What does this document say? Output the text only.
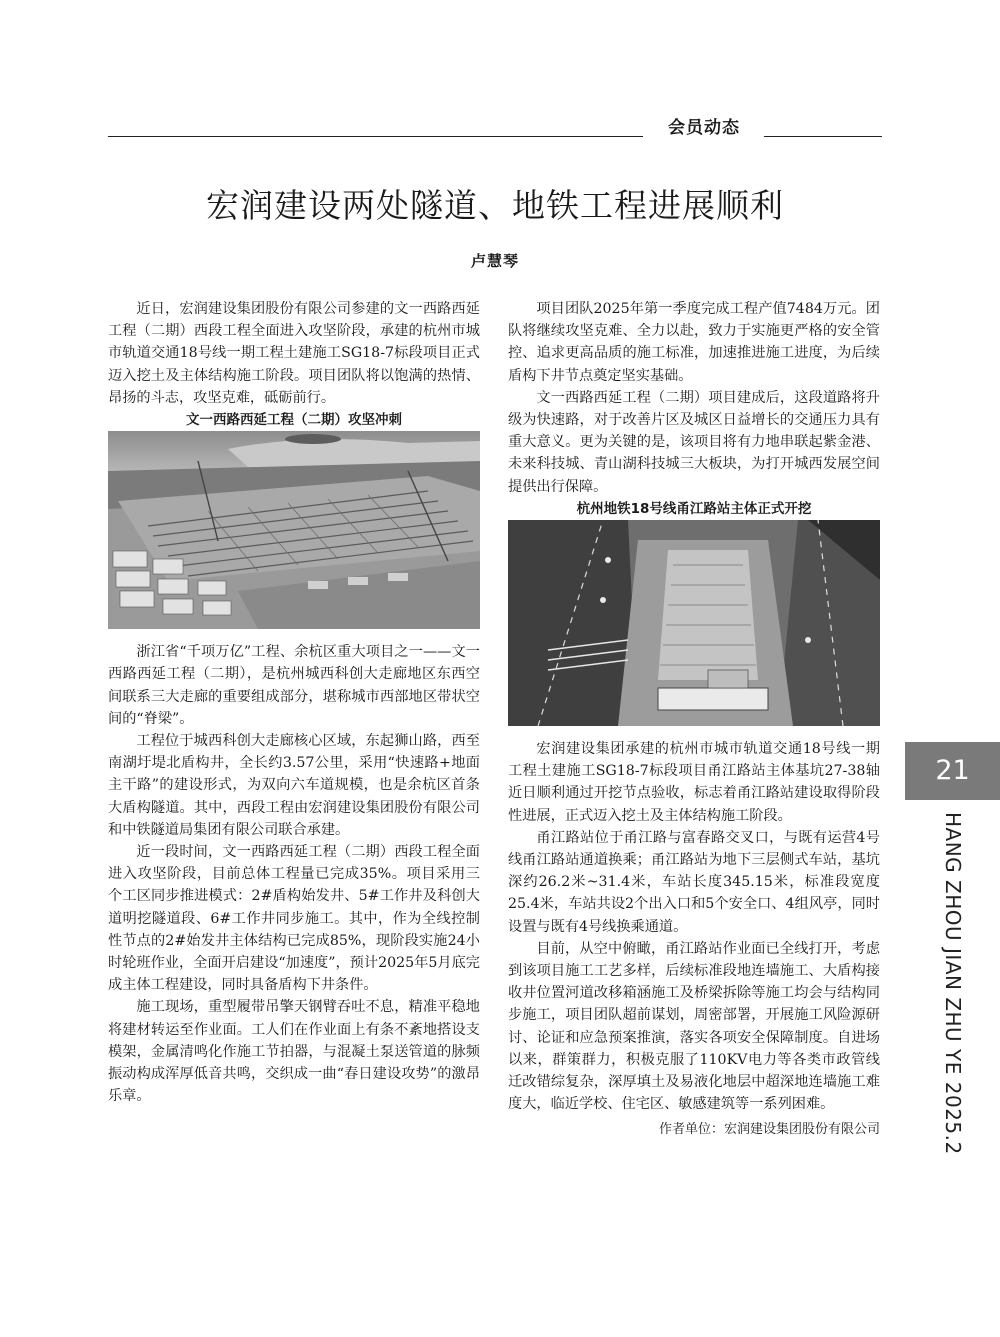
会员动态
宏润建设两处隧道、地铁工程进展顺利
卢慧琴

近日，宏润建设集团股份有限公司参建的文一西路西延工程（二期）西段工程全面进入攻坚阶段，承建的杭州市城市轨道交通18号线一期工程土建施工SG18-7标段项目正式迈入挖土及主体结构施工阶段。项目团队将以饱满的热情、昂扬的斗志，攻坚克难，砥砺前行。

文一西路西延工程（二期）攻坚冲刺

浙江省“千项万亿”工程、余杭区重大项目之一——文一西路西延工程（二期），是杭州城西科创大走廊地区东西空间联系三大走廊的重要组成部分，堪称城市西部地区带状空间的“脊梁”。

工程位于城西科创大走廊核心区域，东起狮山路，西至南湖圩堤北盾构井，全长约3.57公里，采用“快速路+地面主干路”的建设形式，为双向六车道规模，也是余杭区首条大盾构隧道。其中，西段工程由宏润建设集团股份有限公司和中铁隧道局集团有限公司联合承建。

近一段时间，文一西路西延工程（二期）西段工程全面进入攻坚阶段，目前总体工程量已完成35%。项目采用三个工区同步推进模式：2#盾构始发井、5#工作井及科创大道明挖隧道段、6#工作井同步施工。其中，作为全线控制性节点的2#始发井主体结构已完成85%，现阶段实施24小时轮班作业，全面开启建设“加速度”，预计2025年5月底完成主体工程建设，同时具备盾构下井条件。

施工现场，重型履带吊擎天钢臂吞吐不息，精准平稳地将建材转运至作业面。工人们在作业面上有条不紊地搭设支模架，金属清鸣化作施工节拍器，与混凝土泵送管道的脉频振动构成浑厚低音共鸣，交织成一曲“春日建设攻势”的激昂乐章。

项目团队2025年第一季度完成工程产值7484万元。团队将继续攻坚克难、全力以赴，致力于实施更严格的安全管控、追求更高品质的施工标准，加速推进施工进度，为后续盾构下井节点奠定坚实基础。

文一西路西延工程（二期）项目建成后，这段道路将升级为快速路，对于改善片区及城区日益增长的交通压力具有重大意义。更为关键的是，该项目将有力地串联起紫金港、未来科技城、青山湖科技城三大板块，为打开城西发展空间提供出行保障。

杭州地铁18号线甬江路站主体正式开挖

宏润建设集团承建的杭州市城市轨道交通18号线一期工程土建施工SG18-7标段项目甬江路站主体基坑27-38轴近日顺利通过开挖节点验收，标志着甬江路站建设取得阶段性进展，正式迈入挖土及主体结构施工阶段。

甬江路站位于甬江路与富春路交叉口，与既有运营4号线甬江路站通道换乘；甬江路站为地下三层侧式车站，基坑深约26.2米~31.4米，车站长度345.15米，标准段宽度25.4米，车站共设2个出入口和5个安全口、4组风亭，同时设置与既有4号线换乘通道。

目前，从空中俯瞰，甬江路站作业面已全线打开，考虑到该项目施工工艺多样，后续标准段地连墙施工、大盾构接收井位置河道改移箱涵施工及桥梁拆除等施工均会与结构同步施工，项目团队超前谋划，周密部署，开展施工风险源研讨、论证和应急预案推演，落实各项安全保障制度。自进场以来，群策群力，积极克服了110KV电力等各类市政管线迁改错综复杂，深厚填土及易液化地层中超深地连墙施工难度大，临近学校、住宅区、敏感建筑等一系列困难。

作者单位：宏润建设集团股份有限公司

21
HANG ZHOU JIAN ZHU YE 2025.2
